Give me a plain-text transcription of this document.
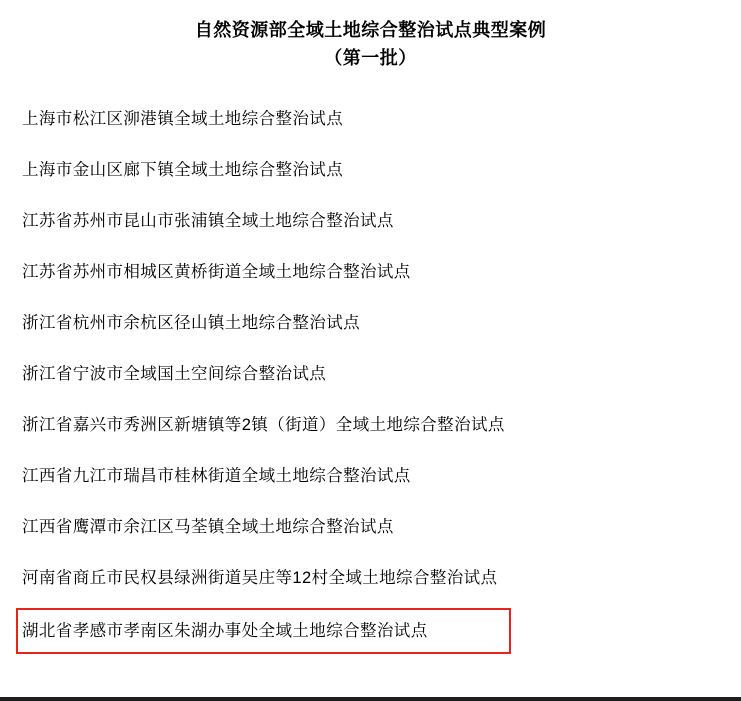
自然资源部全域土地综合整治试点典型案例
（第一批）
上海市松江区泖港镇全域土地综合整治试点
上海市金山区廊下镇全域土地综合整治试点
江苏省苏州市昆山市张浦镇全域土地综合整治试点
江苏省苏州市相城区黄桥街道全域土地综合整治试点
浙江省杭州市余杭区径山镇土地综合整治试点
浙江省宁波市全域国土空间综合整治试点
浙江省嘉兴市秀洲区新塘镇等2镇（街道）全域土地综合整治试点
江西省九江市瑞昌市桂林街道全域土地综合整治试点
江西省鹰潭市余江区马荃镇全域土地综合整治试点
河南省商丘市民权县绿洲街道吴庄等12村全域土地综合整治试点
湖北省孝感市孝南区朱湖办事处全域土地综合整治试点
